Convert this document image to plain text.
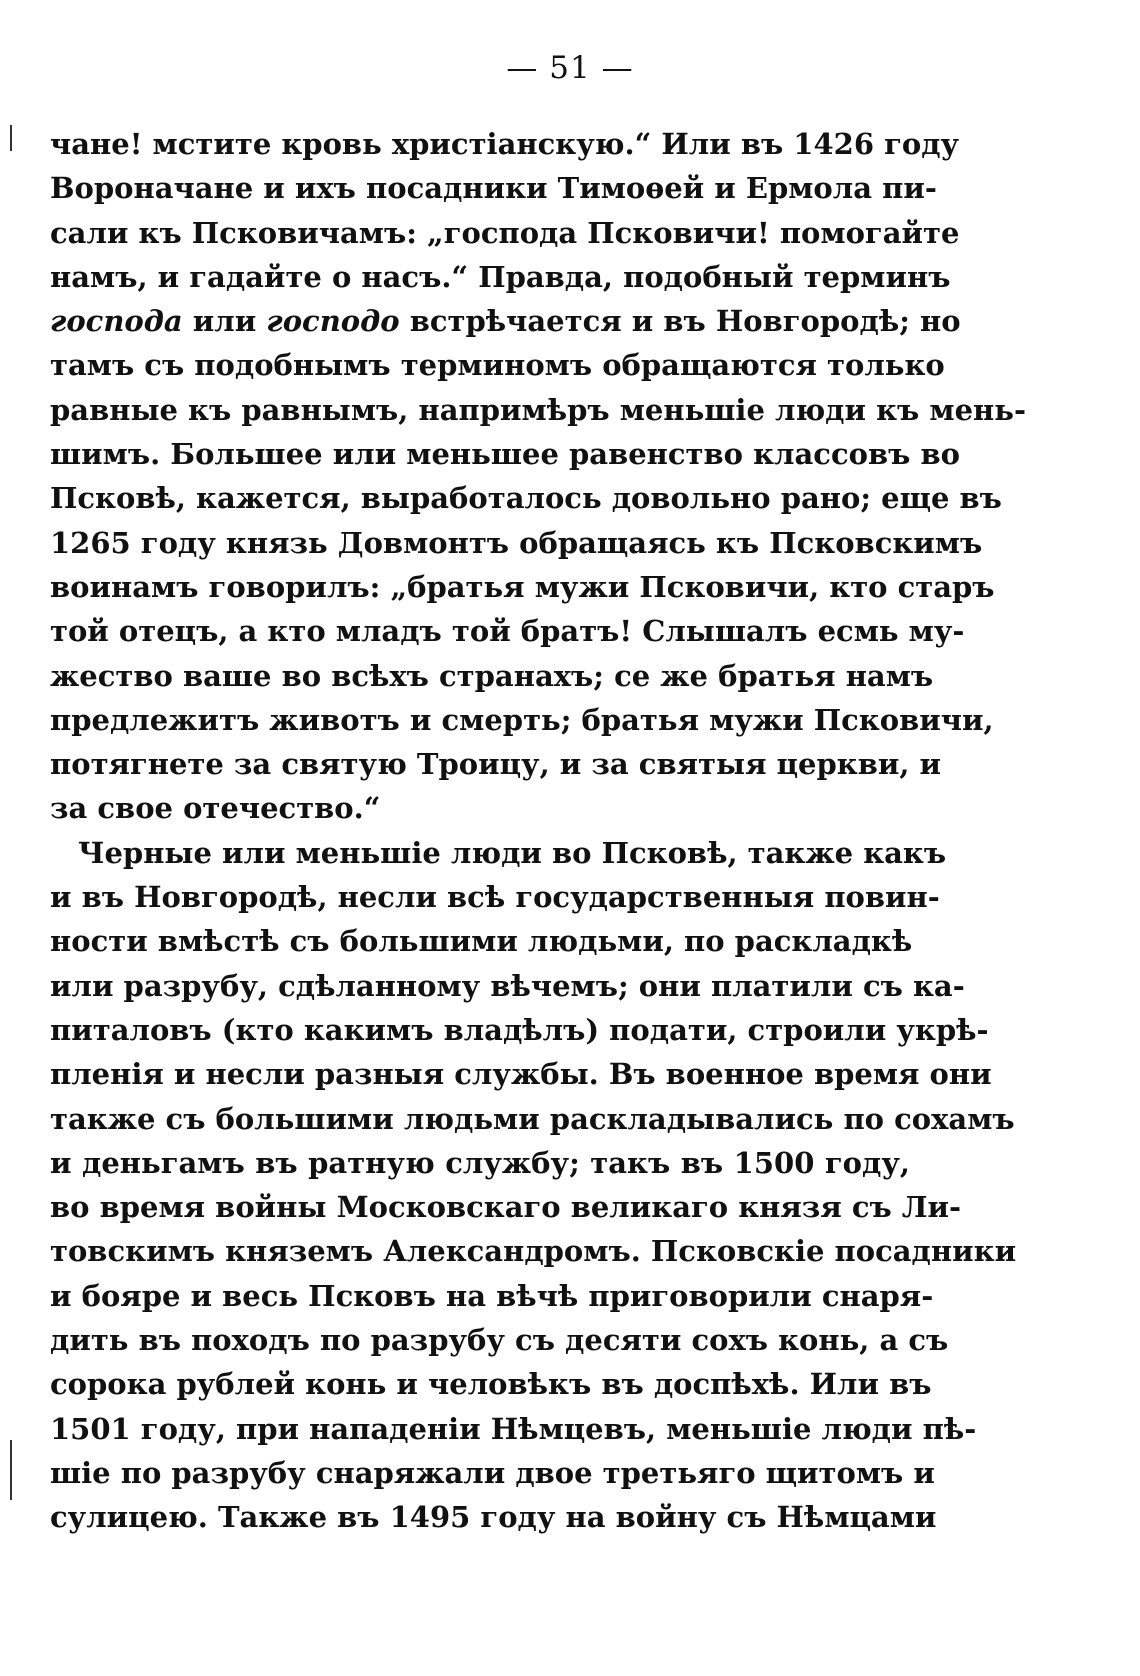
— 51 —
чане! мстите кровь христіанскую.“ Или въ 1426 году
Вороначане и ихъ посадники Тимоѳей и Ермола пи-
сали къ Псковичамъ: „господа Псковичи! помогайте
намъ, и гадайте о насъ.“ Правда, подобный терминъ
господа или господо встрѣчается и въ Новгородѣ; но
тамъ съ подобнымъ терминомъ обращаются только
равные къ равнымъ, напримѣръ меньшіе люди къ мень-
шимъ. Большее или меньшее равенство классовъ во
Псковѣ, кажется, выработалось довольно рано; еще въ
1265 году князь Довмонтъ обращаясь къ Псковскимъ
воинамъ говорилъ: „братья мужи Псковичи, кто старъ
той отецъ, а кто младъ той братъ! Слышалъ есмь му-
жество ваше во всѣхъ странахъ; се же братья намъ
предлежитъ животъ и смерть; братья мужи Псковичи,
потягнете за святую Троицу, и за святыя церкви, и
за свое отечество.“
Черные или меньшіе люди во Псковѣ, также какъ
и въ Новгородѣ, несли всѣ государственныя повин-
ности вмѣстѣ съ большими людьми, по раскладкѣ
или разрубу, сдѣланному вѣчемъ; они платили съ ка-
питаловъ (кто какимъ владѣлъ) подати, строили укрѣ-
пленія и несли разныя службы. Въ военное время они
также съ большими людьми раскладывались по сохамъ
и деньгамъ въ ратную службу; такъ въ 1500 году,
во время войны Московскаго великаго князя съ Ли-
товскимъ княземъ Александромъ. Псковскіе посадники
и бояре и весь Псковъ на вѣчѣ приговорили снаря-
дить въ походъ по разрубу съ десяти сохъ конь, а съ
сорока рублей конь и человѣкъ въ доспѣхѣ. Или въ
1501 году, при нападеніи Нѣмцевъ, меньшіе люди пѣ-
шіе по разрубу снаряжали двое третьяго щитомъ и
сулицею. Также въ 1495 году на войну съ Нѣмцами
